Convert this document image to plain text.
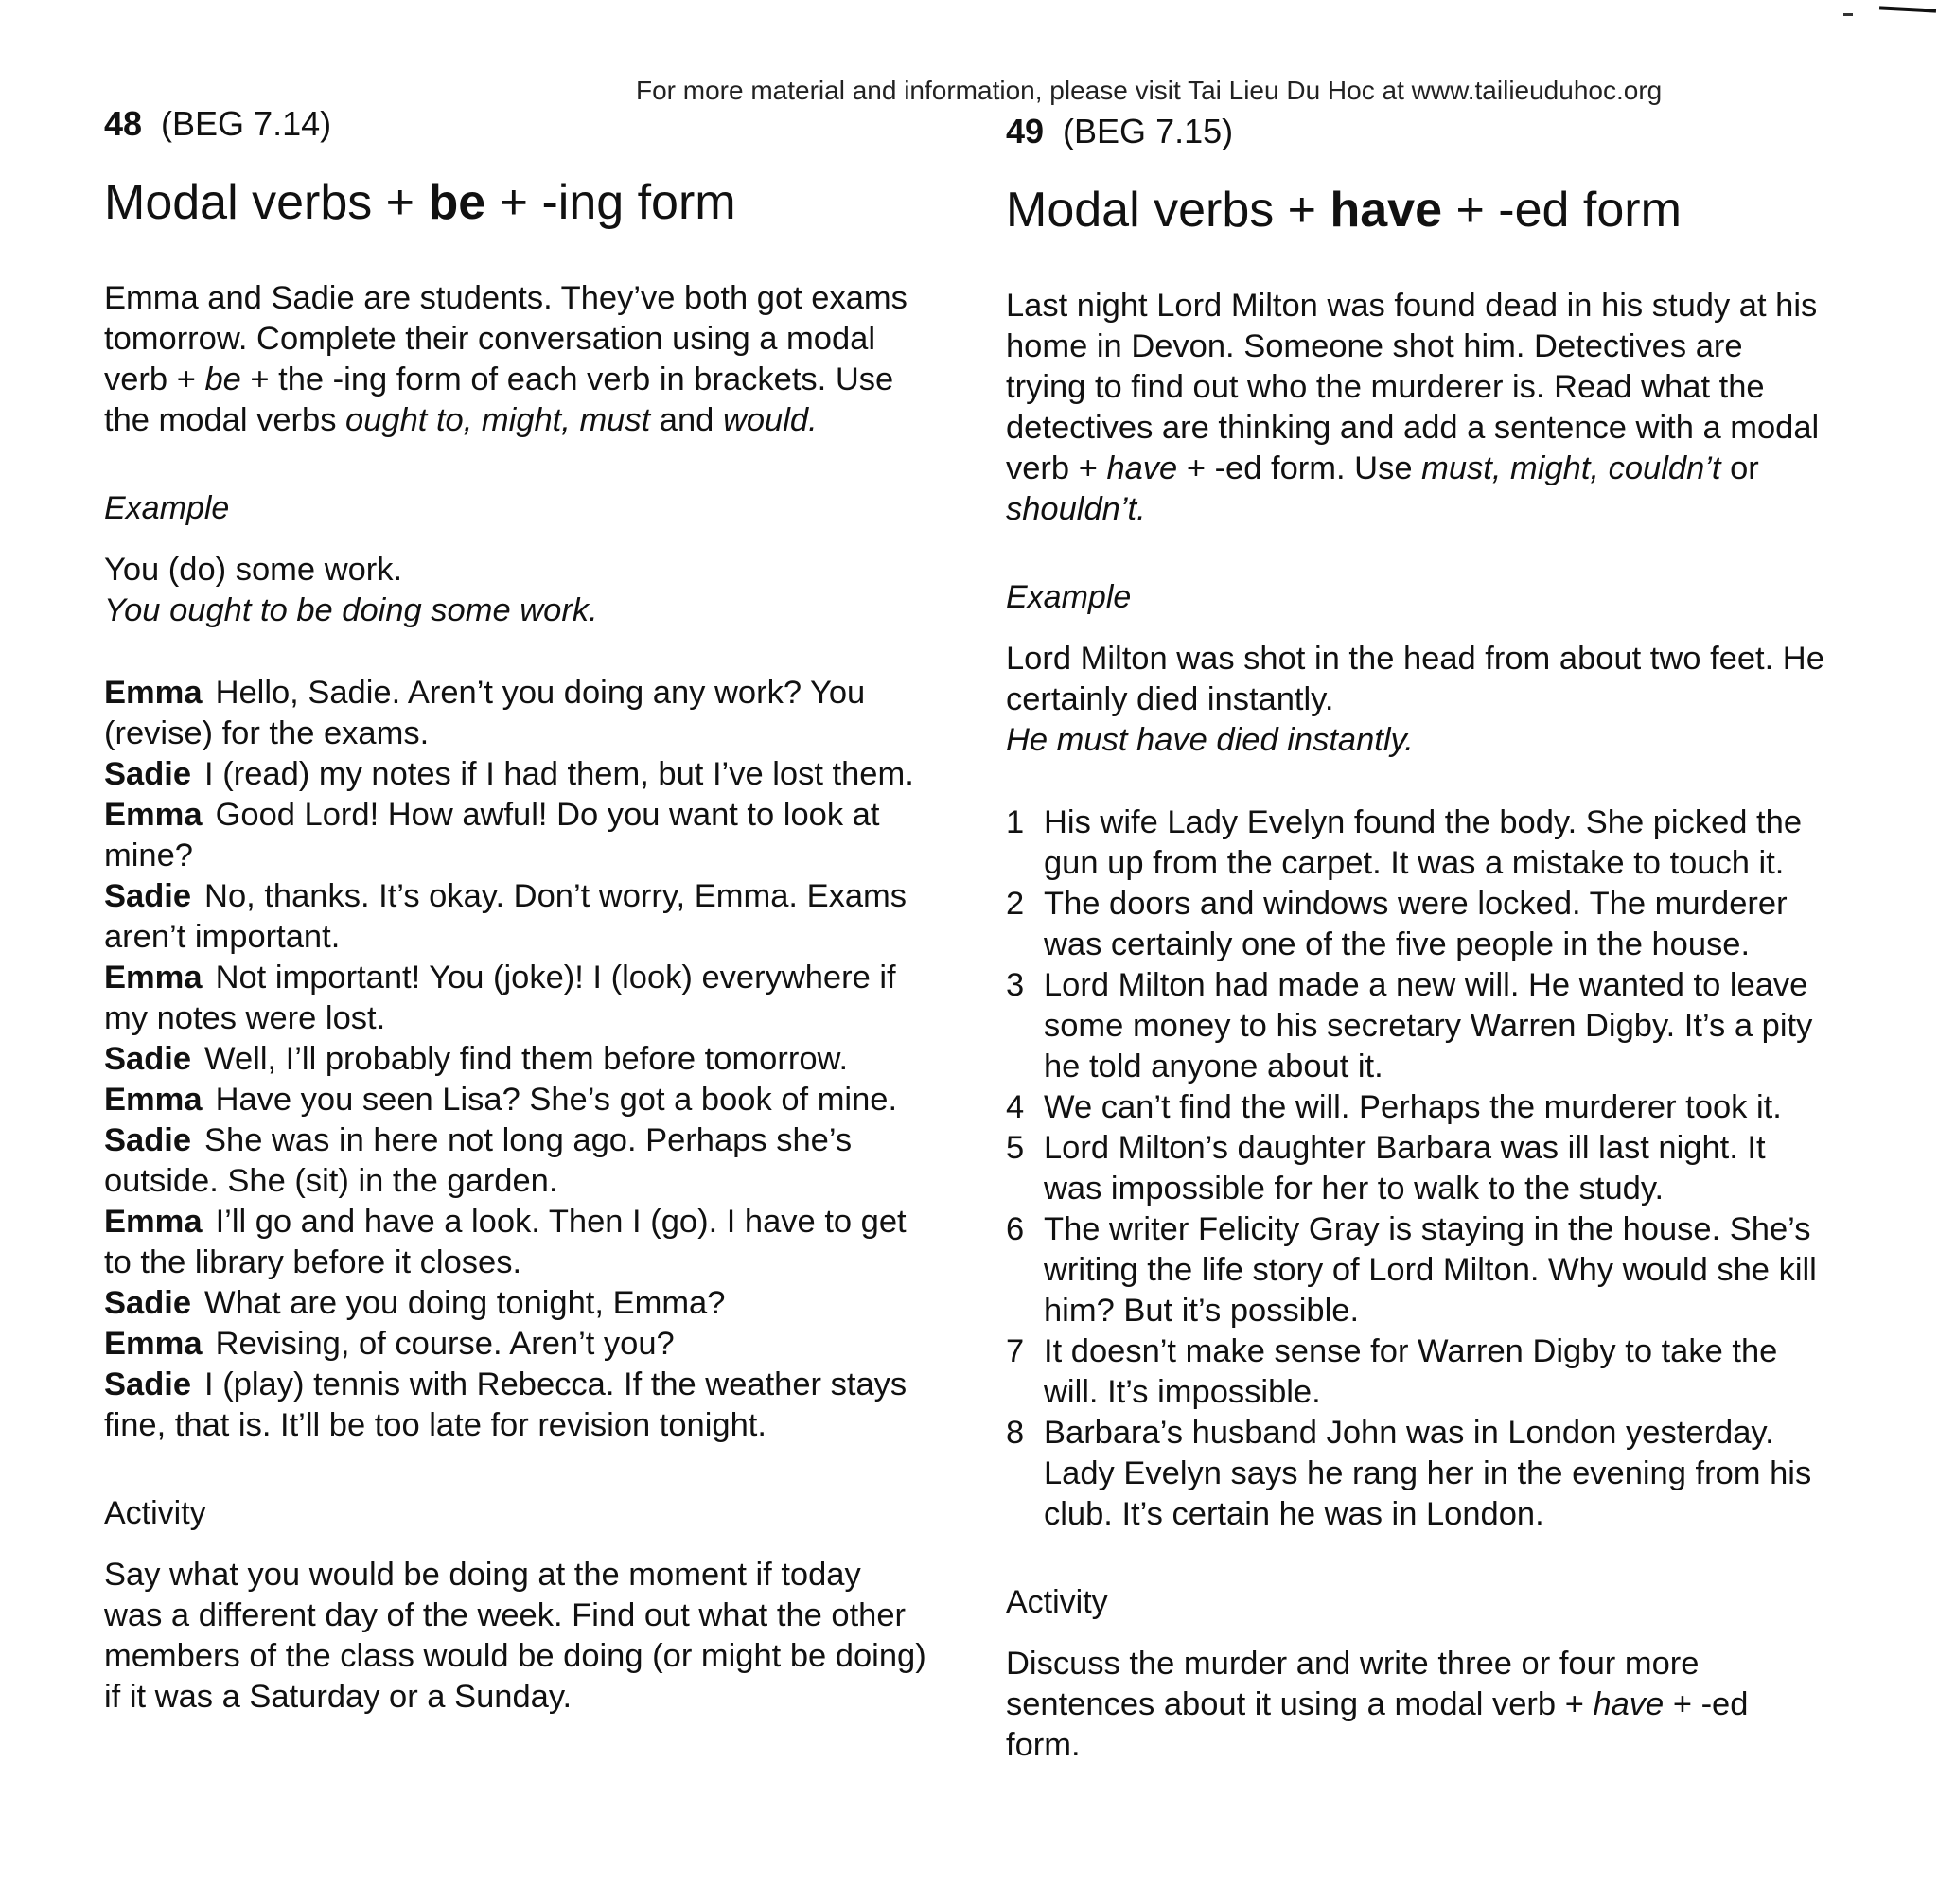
For more material and information, please visit Tai Lieu Du Hoc at www.tailieuduhoc.org
48 (BEG 7.14)
Modal verbs + be + -ing form

Emma and Sadie are students. They’ve both got exams tomorrow. Complete their conversation using a modal verb + be + the -ing form of each verb in brackets. Use the modal verbs ought to, might, must and would.

Example

You (do) some work.

You ought to be doing some work.

Emma Hello, Sadie. Aren’t you doing any work? You (revise) for the exams.
Sadie I (read) my notes if I had them, but I’ve lost them.
Emma Good Lord! How awful! Do you want to look at mine?
Sadie No, thanks. It’s okay. Don’t worry, Emma. Exams aren’t important.
Emma Not important! You (joke)! I (look) everywhere if my notes were lost.
Sadie Well, I’ll probably find them before tomorrow.
Emma Have you seen Lisa? She’s got a book of mine.
Sadie She was in here not long ago. Perhaps she’s outside. She (sit) in the garden.
Emma I’ll go and have a look. Then I (go). I have to get to the library before it closes.
Sadie What are you doing tonight, Emma?
Emma Revising, of course. Aren’t you?
Sadie I (play) tennis with Rebecca. If the weather stays fine, that is. It’ll be too late for revision tonight.
Activity

Say what you would be doing at the moment if today was a different day of the week. Find out what the other members of the class would be doing (or might be doing) if it was a Saturday or a Sunday.

49 (BEG 7.15)
Modal verbs + have + -ed form

Last night Lord Milton was found dead in his study at his home in Devon. Someone shot him. Detectives are trying to find out who the murderer is. Read what the detectives are thinking and add a sentence with a modal verb + have + -ed form. Use must, might, couldn’t or shouldn’t.

Example

Lord Milton was shot in the head from about two feet. He certainly died instantly.

He must have died instantly.

1 His wife Lady Evelyn found the body. She picked the gun up from the carpet. It was a mistake to touch it.
2 The doors and windows were locked. The murderer was certainly one of the five people in the house.
3 Lord Milton had made a new will. He wanted to leave some money to his secretary Warren Digby. It’s a pity he told anyone about it.
4 We can’t find the will. Perhaps the murderer took it.
5 Lord Milton’s daughter Barbara was ill last night. It was impossible for her to walk to the study.
6 The writer Felicity Gray is staying in the house. She’s writing the life story of Lord Milton. Why would she kill him? But it’s possible.
7 It doesn’t make sense for Warren Digby to take the will. It’s impossible.
8 Barbara’s husband John was in London yesterday. Lady Evelyn says he rang her in the evening from his club. It’s certain he was in London.
Activity

Discuss the murder and write three or four more sentences about it using a modal verb + have + -ed form.
